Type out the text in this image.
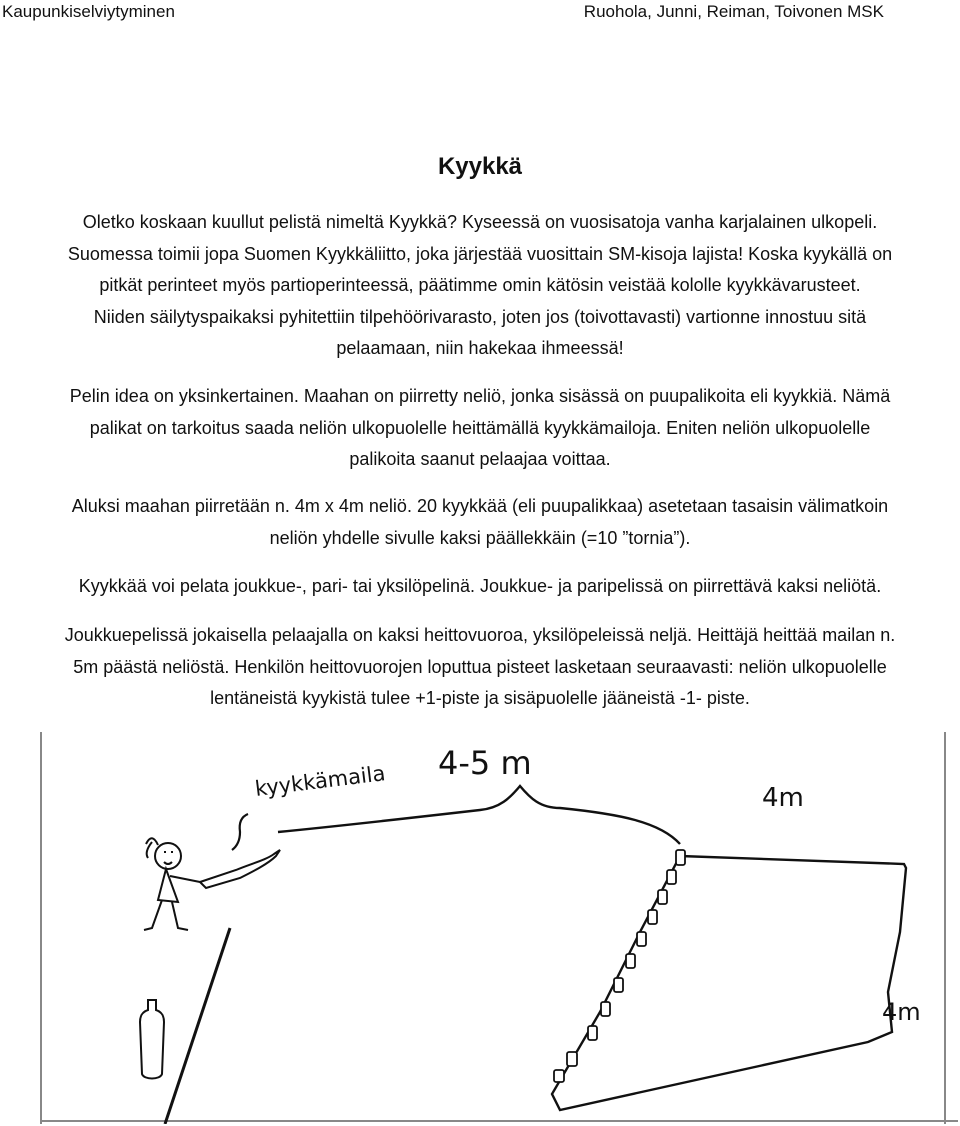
Kaupunkiselviytyminen	Ruohola, Junni, Reiman, Toivonen MSK
Kyykkä
Oletko koskaan kuullut pelistä nimeltä Kyykkä? Kyseessä on vuosisatoja vanha karjalainen ulkopeli.
Suomessa toimii jopa Suomen Kyykkäliitto, joka järjestää vuosittain SM-kisoja lajista! Koska kyykällä on
pitkät perinteet myös partioperinteessä, päätimme omin kätösin veistää kololle kyykkävarusteet.
Niiden säilytyspaikaksi pyhitettiin tilpehöörivarasto, joten jos (toivottavasti) vartionne innostuu sitä
pelaamaan, niin hakekaa ihmeessä!
Pelin idea on yksinkertainen. Maahan on piirretty neliö, jonka sisässä on puupalikoita eli kyykkiä. Nämä
palikat on tarkoitus saada neliön ulkopuolelle heittämällä kyykkämailoja. Eniten neliön ulkopuolelle
palikoita saanut pelaajaa voittaa.
Aluksi maahan piirretään n. 4m x 4m neliö. 20 kyykkää (eli puupalikkaa) asetetaan tasaisin välimatkoin
neliön yhdelle sivulle kaksi päällekkäin (=10 ”tornia”).
Kyykkää voi pelata joukkue-, pari- tai yksilöpelinä. Joukkue- ja paripelissä on piirrettävä kaksi neliötä.
Joukkuepelissä jokaisella pelaajalla on kaksi heittovuoroa, yksilöpeleissä neljä. Heittäjä heittää mailan n.
5m päästä neliöstä. Henkilön heittovuorojen loputtua pisteet lasketaan seuraavasti: neliön ulkopuolelle
lentäneistä kyykistä tulee +1-piste ja sisäpuolelle jääneistä -1- piste.
kyykkämaila 4-5 m
4m
4m
